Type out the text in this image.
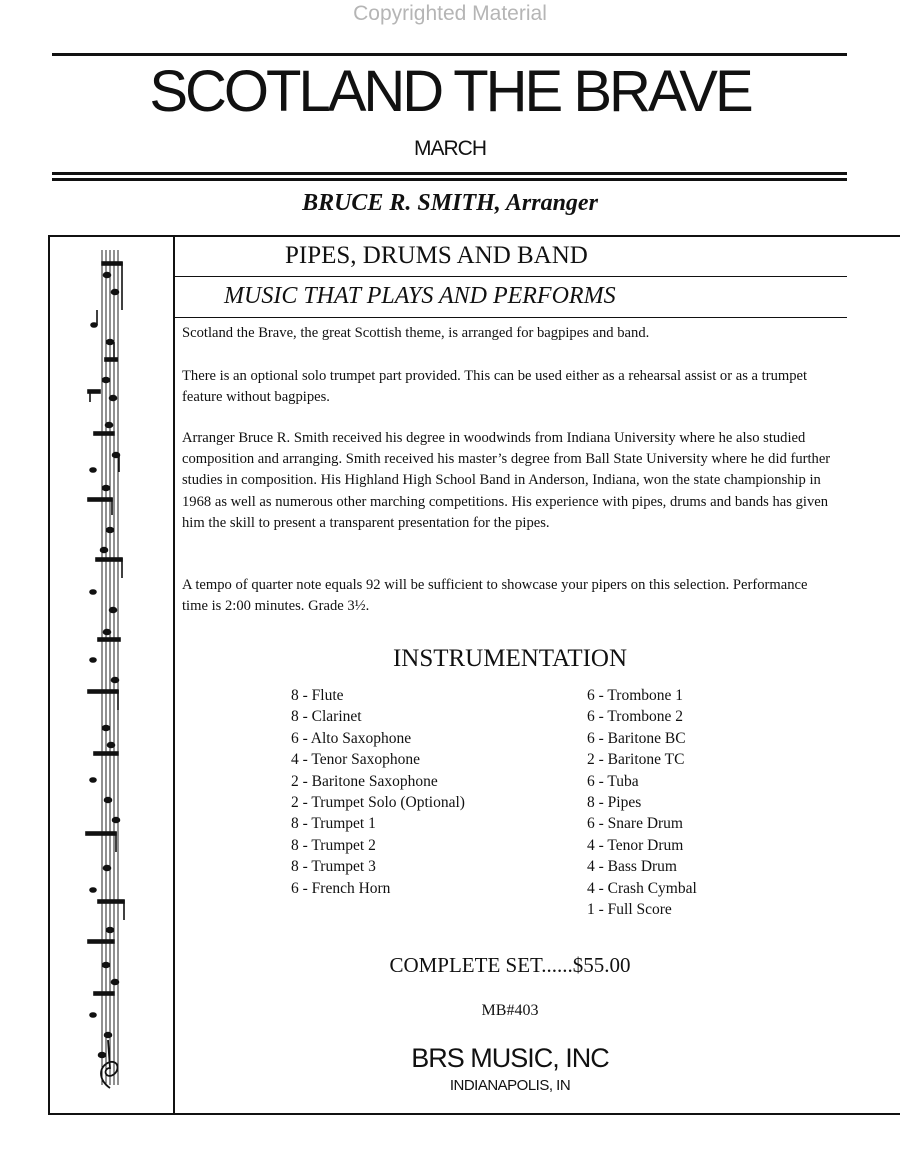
Copyrighted Material
SCOTLAND THE BRAVE
MARCH
BRUCE R. SMITH, Arranger
PIPES, DRUMS AND BAND
MUSIC THAT PLAYS AND PERFORMS
Scotland the Brave, the great Scottish theme, is arranged for bagpipes and band.
There is an optional solo trumpet part provided. This can be used either as a rehearsal assist or as a trumpet feature without bagpipes.
Arranger Bruce R. Smith received his degree in woodwinds from Indiana University where he also studied composition and arranging. Smith received his master’s degree from Ball State University where he did further studies in composition. His Highland High School Band in Anderson, Indiana, won the state championship in 1968 as well as numerous other marching competitions. His experience with pipes, drums and bands has given him the skill to present a transparent presentation for the pipes.
A tempo of quarter note equals 92 will be sufficient to showcase your pipers on this selection. Performance time is 2:00 minutes. Grade 3½.
INSTRUMENTATION
8 - Flute
8 - Clarinet
6 - Alto Saxophone
4 - Tenor Saxophone
2 - Baritone Saxophone
2 - Trumpet Solo (Optional)
8 - Trumpet 1
8 - Trumpet 2
8 - Trumpet 3
6 - French Horn
6 - Trombone 1
6 - Trombone 2
6 - Baritone BC
2 - Baritone TC
6 - Tuba
8 - Pipes
6 - Snare Drum
4 - Tenor Drum
4 - Bass Drum
4 - Crash Cymbal
1 - Full Score
COMPLETE SET......$55.00
MB#403
BRS MUSIC, INC
INDIANAPOLIS, IN
